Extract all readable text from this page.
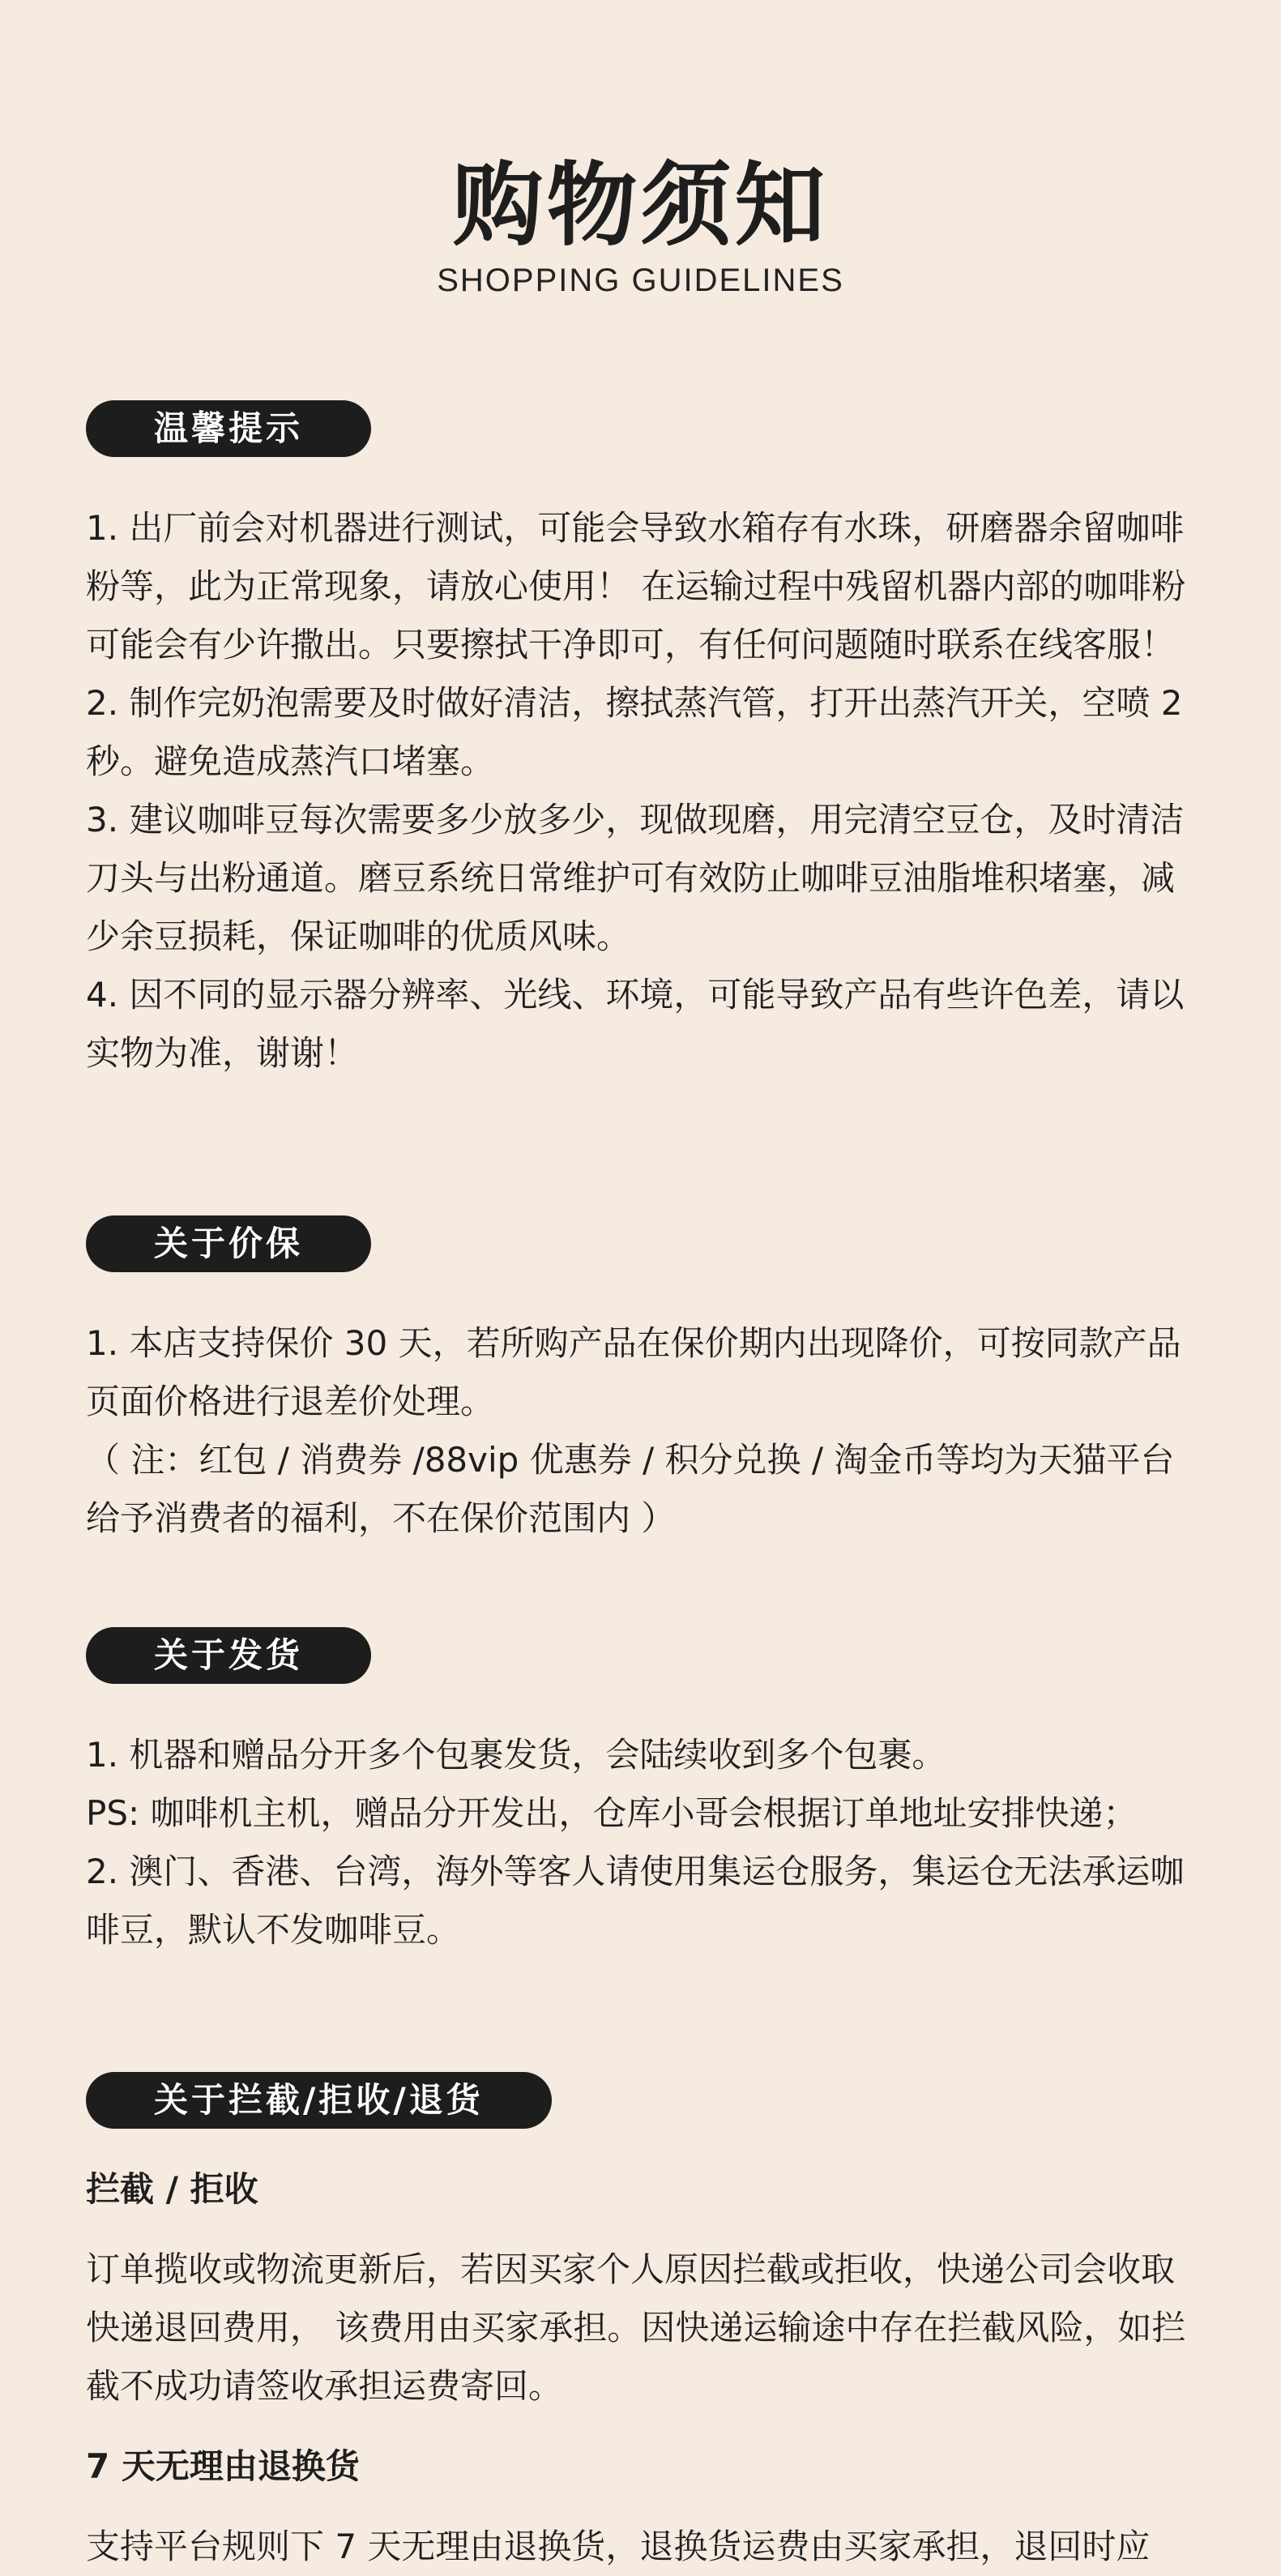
购物须知
SHOPPING GUIDELINES
温馨提示

1. 出厂前会对机器进行测试，可能会导致水箱存有水珠，研磨器余留咖啡粉等，此为正常现象，请放心使用！ 在运输过程中残留机器内部的咖啡粉可能会有少许撒出。只要擦拭干净即可，有任何问题随时联系在线客服！

2. 制作完奶泡需要及时做好清洁，擦拭蒸汽管，打开出蒸汽开关，空喷 2 秒。避免造成蒸汽口堵塞。

3. 建议咖啡豆每次需要多少放多少，现做现磨，用完清空豆仓，及时清洁刀头与出粉通道。磨豆系统日常维护可有效防止咖啡豆油脂堆积堵塞，减少余豆损耗，保证咖啡的优质风味。

4. 因不同的显示器分辨率、光线、环境，可能导致产品有些许色差，请以实物为准，谢谢！

关于价保

1. 本店支持保价 30 天，若所购产品在保价期内出现降价，可按同款产品页面价格进行退差价处理。

（ 注：红包 / 消费券 /88vip 优惠券 / 积分兑换 / 淘金币等均为天猫平台给予消费者的福利，不在保价范围内 ）

关于发货

1. 机器和赠品分开多个包裹发货，会陆续收到多个包裹。

PS: 咖啡机主机，赠品分开发出，仓库小哥会根据订单地址安排快递；

2. 澳门、香港、台湾，海外等客人请使用集运仓服务，集运仓无法承运咖啡豆，默认不发咖啡豆。

关于拦截/拒收/退货

拦截 / 拒收

订单揽收或物流更新后，若因买家个人原因拦截或拒收，快递公司会收取快递退回费用， 该费用由买家承担。因快递运输途中存在拦截风险，如拦截不成功请签收承担运费寄回。

7 天无理由退换货

支持平台规则下 7 天无理由退换货，退换货运费由买家承担，退回时应
